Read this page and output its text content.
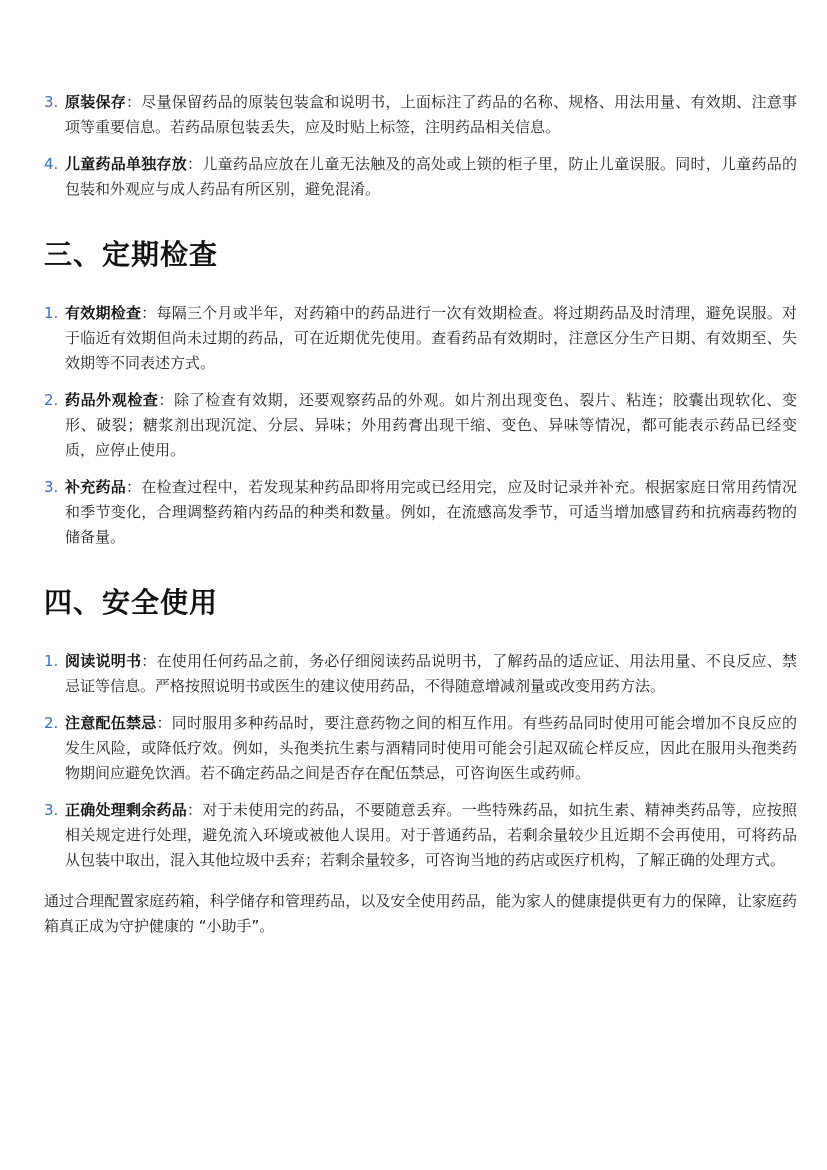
3. 原装保存：尽量保留药品的原装包装盒和说明书，上面标注了药品的名称、规格、用法用量、有效期、注意事项等重要信息。若药品原包装丢失，应及时贴上标签，注明药品相关信息。
4. 儿童药品单独存放：儿童药品应放在儿童无法触及的高处或上锁的柜子里，防止儿童误服。同时，儿童药品的包装和外观应与成人药品有所区别，避免混淆。
三、定期检查
1. 有效期检查：每隔三个月或半年，对药箱中的药品进行一次有效期检查。将过期药品及时清理，避免误服。对于临近有效期但尚未过期的药品，可在近期优先使用。查看药品有效期时，注意区分生产日期、有效期至、失效期等不同表述方式。
2. 药品外观检查：除了检查有效期，还要观察药品的外观。如片剂出现变色、裂片、粘连；胶囊出现软化、变形、破裂；糖浆剂出现沉淀、分层、异味；外用药膏出现干缩、变色、异味等情况，都可能表示药品已经变质，应停止使用。
3. 补充药品：在检查过程中，若发现某种药品即将用完或已经用完，应及时记录并补充。根据家庭日常用药情况和季节变化，合理调整药箱内药品的种类和数量。例如，在流感高发季节，可适当增加感冒药和抗病毒药物的储备量。
四、安全使用
1. 阅读说明书：在使用任何药品之前，务必仔细阅读药品说明书，了解药品的适应证、用法用量、不良反应、禁忌证等信息。严格按照说明书或医生的建议使用药品，不得随意增减剂量或改变用药方法。
2. 注意配伍禁忌：同时服用多种药品时，要注意药物之间的相互作用。有些药品同时使用可能会增加不良反应的发生风险，或降低疗效。例如，头孢类抗生素与酒精同时使用可能会引起双硫仑样反应，因此在服用头孢类药物期间应避免饮酒。若不确定药品之间是否存在配伍禁忌，可咨询医生或药师。
3. 正确处理剩余药品：对于未使用完的药品，不要随意丢弃。一些特殊药品，如抗生素、精神类药品等，应按照相关规定进行处理，避免流入环境或被他人误用。对于普通药品，若剩余量较少且近期不会再使用，可将药品从包装中取出，混入其他垃圾中丢弃；若剩余量较多，可咨询当地的药店或医疗机构，了解正确的处理方式。

通过合理配置家庭药箱，科学储存和管理药品，以及安全使用药品，能为家人的健康提供更有力的保障，让家庭药箱真正成为守护健康的 “小助手”。
